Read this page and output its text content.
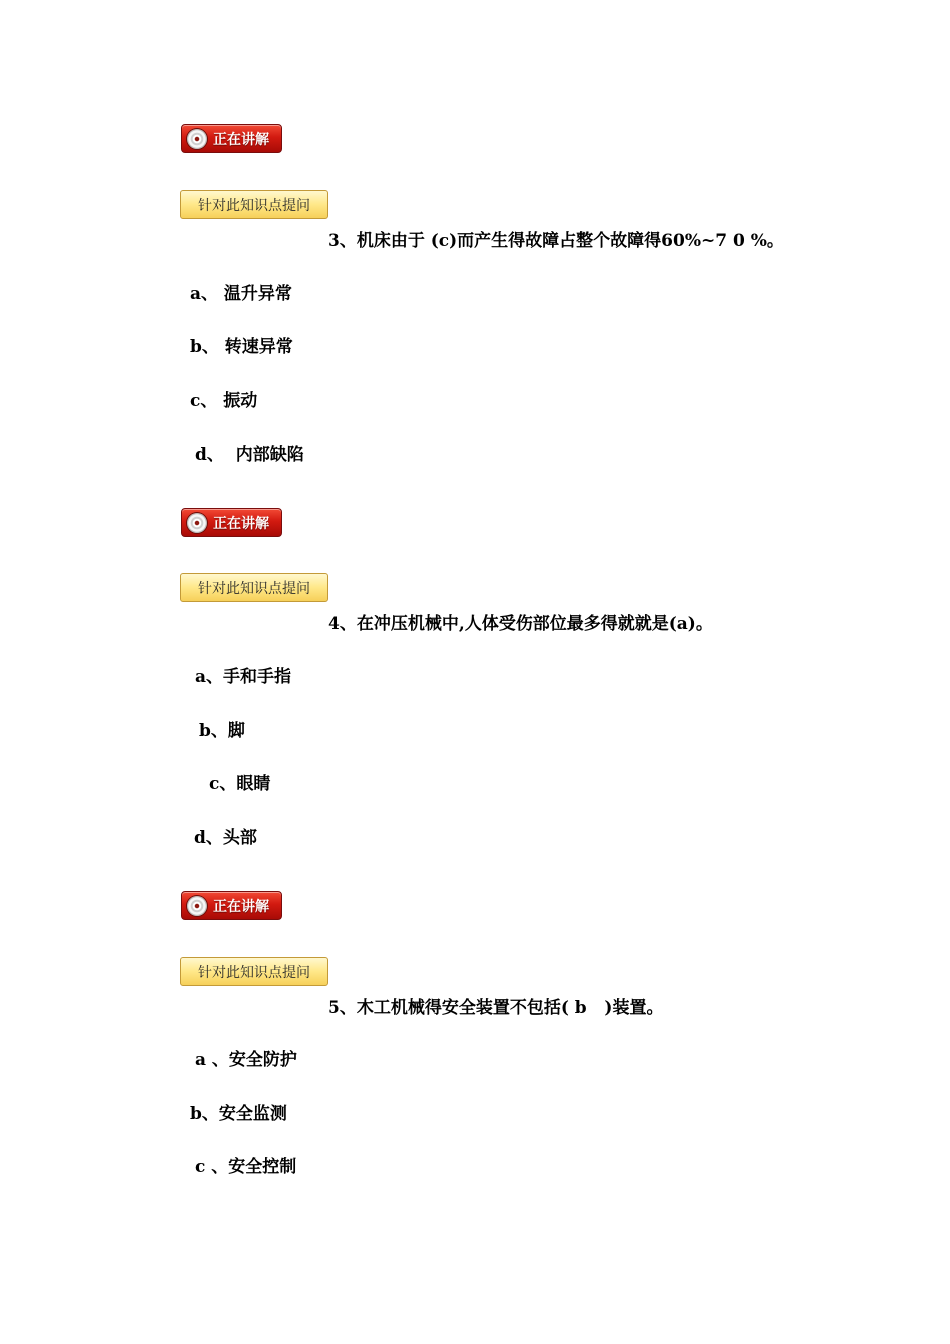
正在讲解
针对此知识点提问
3、机床由于 (c)而产生得故障占整个故障得60%~7 0 %。
a、 温升异常
b、 转速异常
c、 振动
d、  内部缺陷
正在讲解
针对此知识点提问
4、在冲压机械中,人体受伤部位最多得就就是(a)。
a、手和手指
b、脚
c、眼睛
d、头部
正在讲解
针对此知识点提问
5、木工机械得安全装置不包括( b   )装置。
a 、安全防护
b、安全监测
c 、安全控制
